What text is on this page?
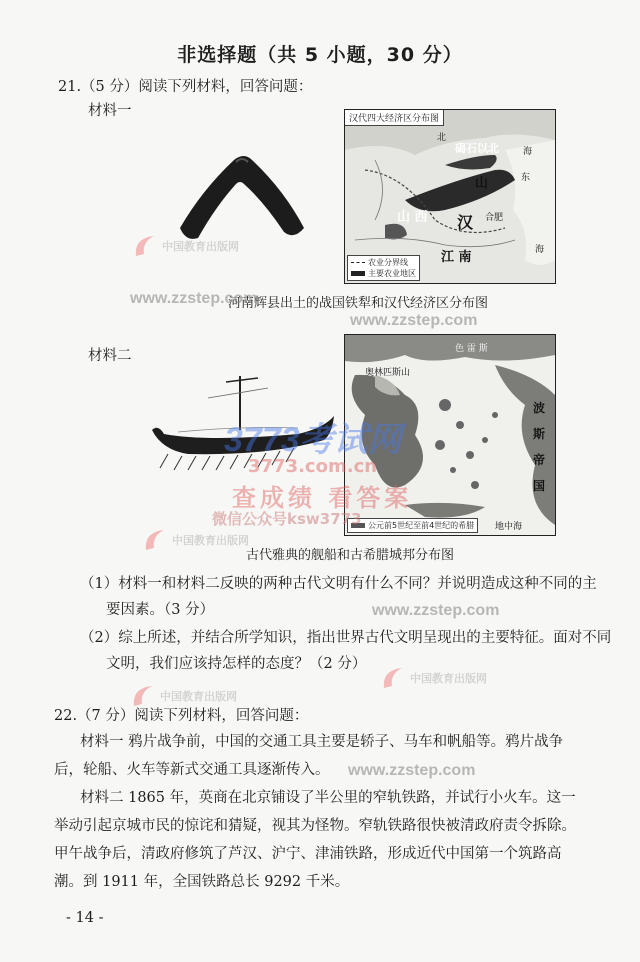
非选择题（共 5 小题，30 分）
21.（5 分）阅读下列材料，回答问题：
材料一	汉代四大经济区分布图
北
碣石以北
山
山 西
东
汉 合肥
江 南
海
海
农业分界线
主要农业地区
河南辉县出土的战国铁犁和汉代经济区分布图
材料二	色 雷 斯
奥林匹斯山
波
斯
帝
国
地中海
公元前5世纪至前4世纪的希腊
古代雅典的舰船和古希腊城邦分布图
（1）材料一和材料二反映的两种古代文明有什么不同？并说明造成这种不同的主
要因素。（3 分）
（2）综上所述，并结合所学知识，指出世界古代文明呈现出的主要特征。面对不同
文明，我们应该持怎样的态度？（2 分）
22.（7 分）阅读下列材料，回答问题：
材料一 鸦片战争前，中国的交通工具主要是轿子、马车和帆船等。鸦片战争后，轮船、火车等新式交通工具逐渐传入。
材料二 1865 年，英商在北京铺设了半公里的窄轨铁路，并试行小火车。这一举动引起京城市民的惊诧和猜疑，视其为怪物。窄轨铁路很快被清政府责令拆除。甲午战争后，清政府修筑了芦汉、沪宁、津浦铁路，形成近代中国第一个筑路高潮。到 1911 年，全国铁路总长 9292 千米。
- 14 -
www.zzstep.com
www.zzstep.com
www.zzstep.com
www.zzstep.com
中国教育出版网
中国教育出版网
中国教育出版网
中国教育出版网
3773考试网
3773.com.cn
查成绩 看答案
微信公众号ksw3773
